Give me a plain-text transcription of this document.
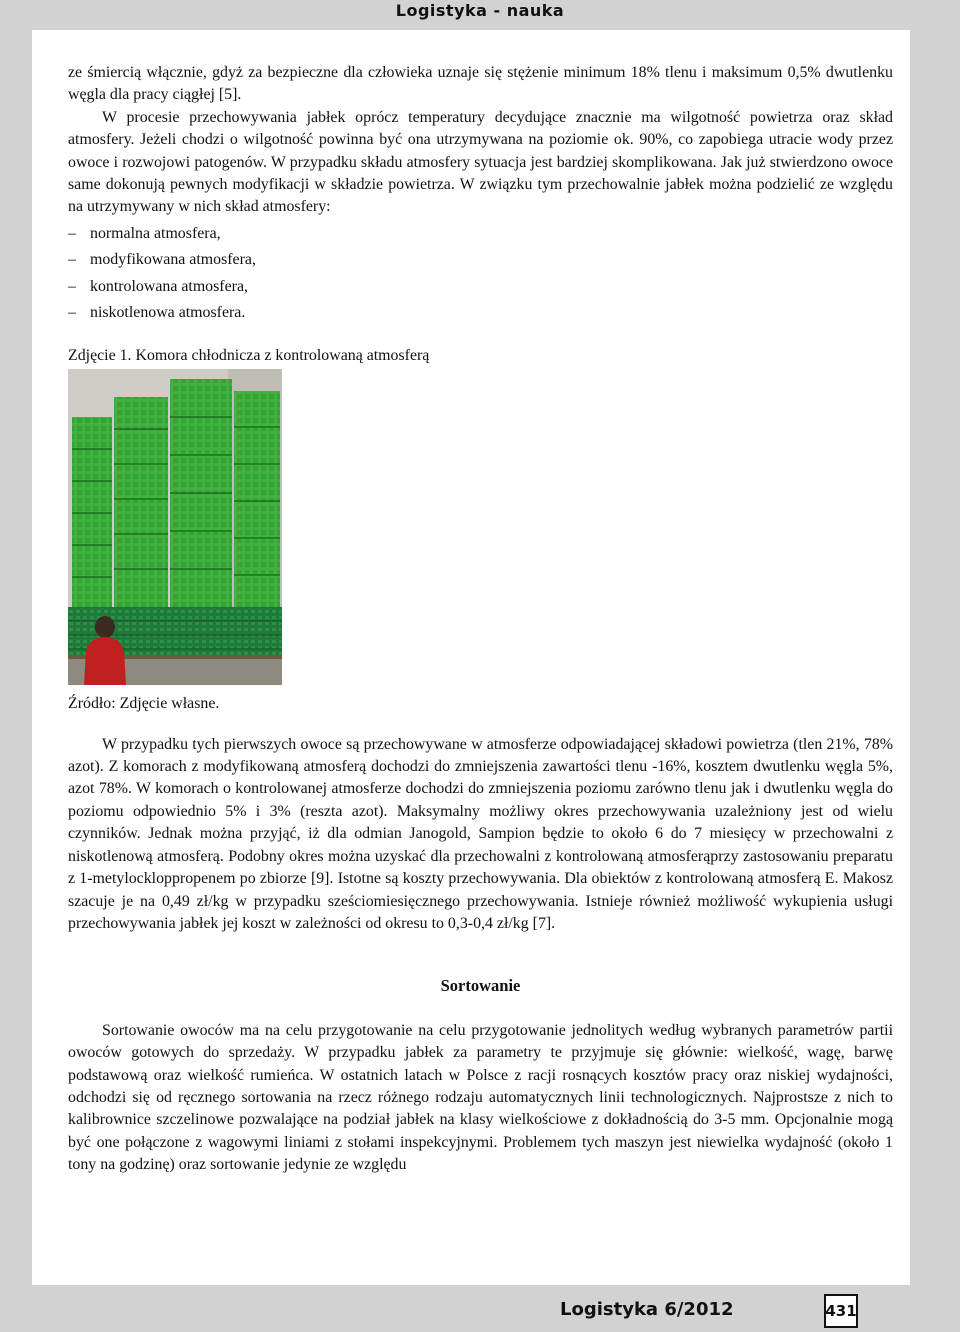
Logistyka - nauka

ze śmiercią włącznie, gdyż za bezpieczne dla człowieka uznaje się stężenie minimum 18% tlenu i maksimum 0,5% dwutlenku węgla dla pracy ciągłej [5].

W procesie przechowywania jabłek oprócz temperatury decydujące znacznie ma wilgotność powietrza oraz skład atmosfery. Jeżeli chodzi o wilgotność powinna być ona utrzymywana na poziomie ok. 90%, co zapobiega utracie wody przez owoce i rozwojowi patogenów. W przypadku składu atmosfery sytuacja jest bardziej skomplikowana. Jak już stwierdzono owoce same dokonują pewnych modyfikacji w składzie powietrza. W związku tym przechowalnie jabłek można podzielić ze względu na utrzymywany w nich skład atmosfery:

– normalna atmosfera,
– modyfikowana atmosfera,
– kontrolowana atmosfera,
– niskotlenowa atmosfera.

Zdjęcie 1. Komora chłodnicza z kontrolowaną atmosferą

Źródło: Zdjęcie własne.

W przypadku tych pierwszych owoce są przechowywane w atmosferze odpowiadającej składowi powietrza (tlen 21%, 78% azot). Z komorach z modyfikowaną atmosferą dochodzi do zmniejszenia zawartości tlenu -16%, kosztem dwutlenku węgla 5%, azot 78%. W komorach o kontrolowanej atmosferze dochodzi do zmniejszenia poziomu zarówno tlenu jak i dwutlenku węgla do poziomu odpowiednio 5% i 3% (reszta azot). Maksymalny możliwy okres przechowywania uzależniony jest od wielu czynników. Jednak można przyjąć, iż dla odmian Janogold, Sampion będzie to około 6 do 7 miesięcy w przechowalni z niskotlenową atmosferą. Podobny okres można uzyskać dla przechowalni z kontrolowaną atmosferąprzy zastosowaniu preparatu z 1-metylockloppropenem po zbiorze [9]. Istotne są koszty przechowywania. Dla obiektów z kontrolowaną atmosferą E. Makosz szacuje je na 0,49 zł/kg w przypadku sześciomiesięcznego przechowywania. Istnieje również możliwość wykupienia usługi przechowywania jabłek jej koszt w zależności od okresu to 0,3-0,4 zł/kg [7].

Sortowanie

Sortowanie owoców ma na celu przygotowanie na celu przygotowanie jednolitych według wybranych parametrów partii owoców gotowych do sprzedaży. W przypadku jabłek za parametry te przyjmuje się głównie: wielkość, wagę, barwę podstawową oraz wielkość rumieńca. W ostatnich latach w Polsce z racji rosnących kosztów pracy oraz niskiej wydajności, odchodzi się od ręcznego sortowania na rzecz różnego rodzaju automatycznych linii technologicznych. Najprostsze z nich to kalibrownice szczelinowe pozwalające na podział jabłek na klasy wielkościowe z dokładnością do 3-5 mm. Opcjonalnie mogą być one połączone z wagowymi liniami z stołami inspekcyjnymi. Problemem tych maszyn jest niewielka wydajność (około 1 tony na godzinę) oraz sortowanie jedynie ze względu

Logistyka 6/2012	431
